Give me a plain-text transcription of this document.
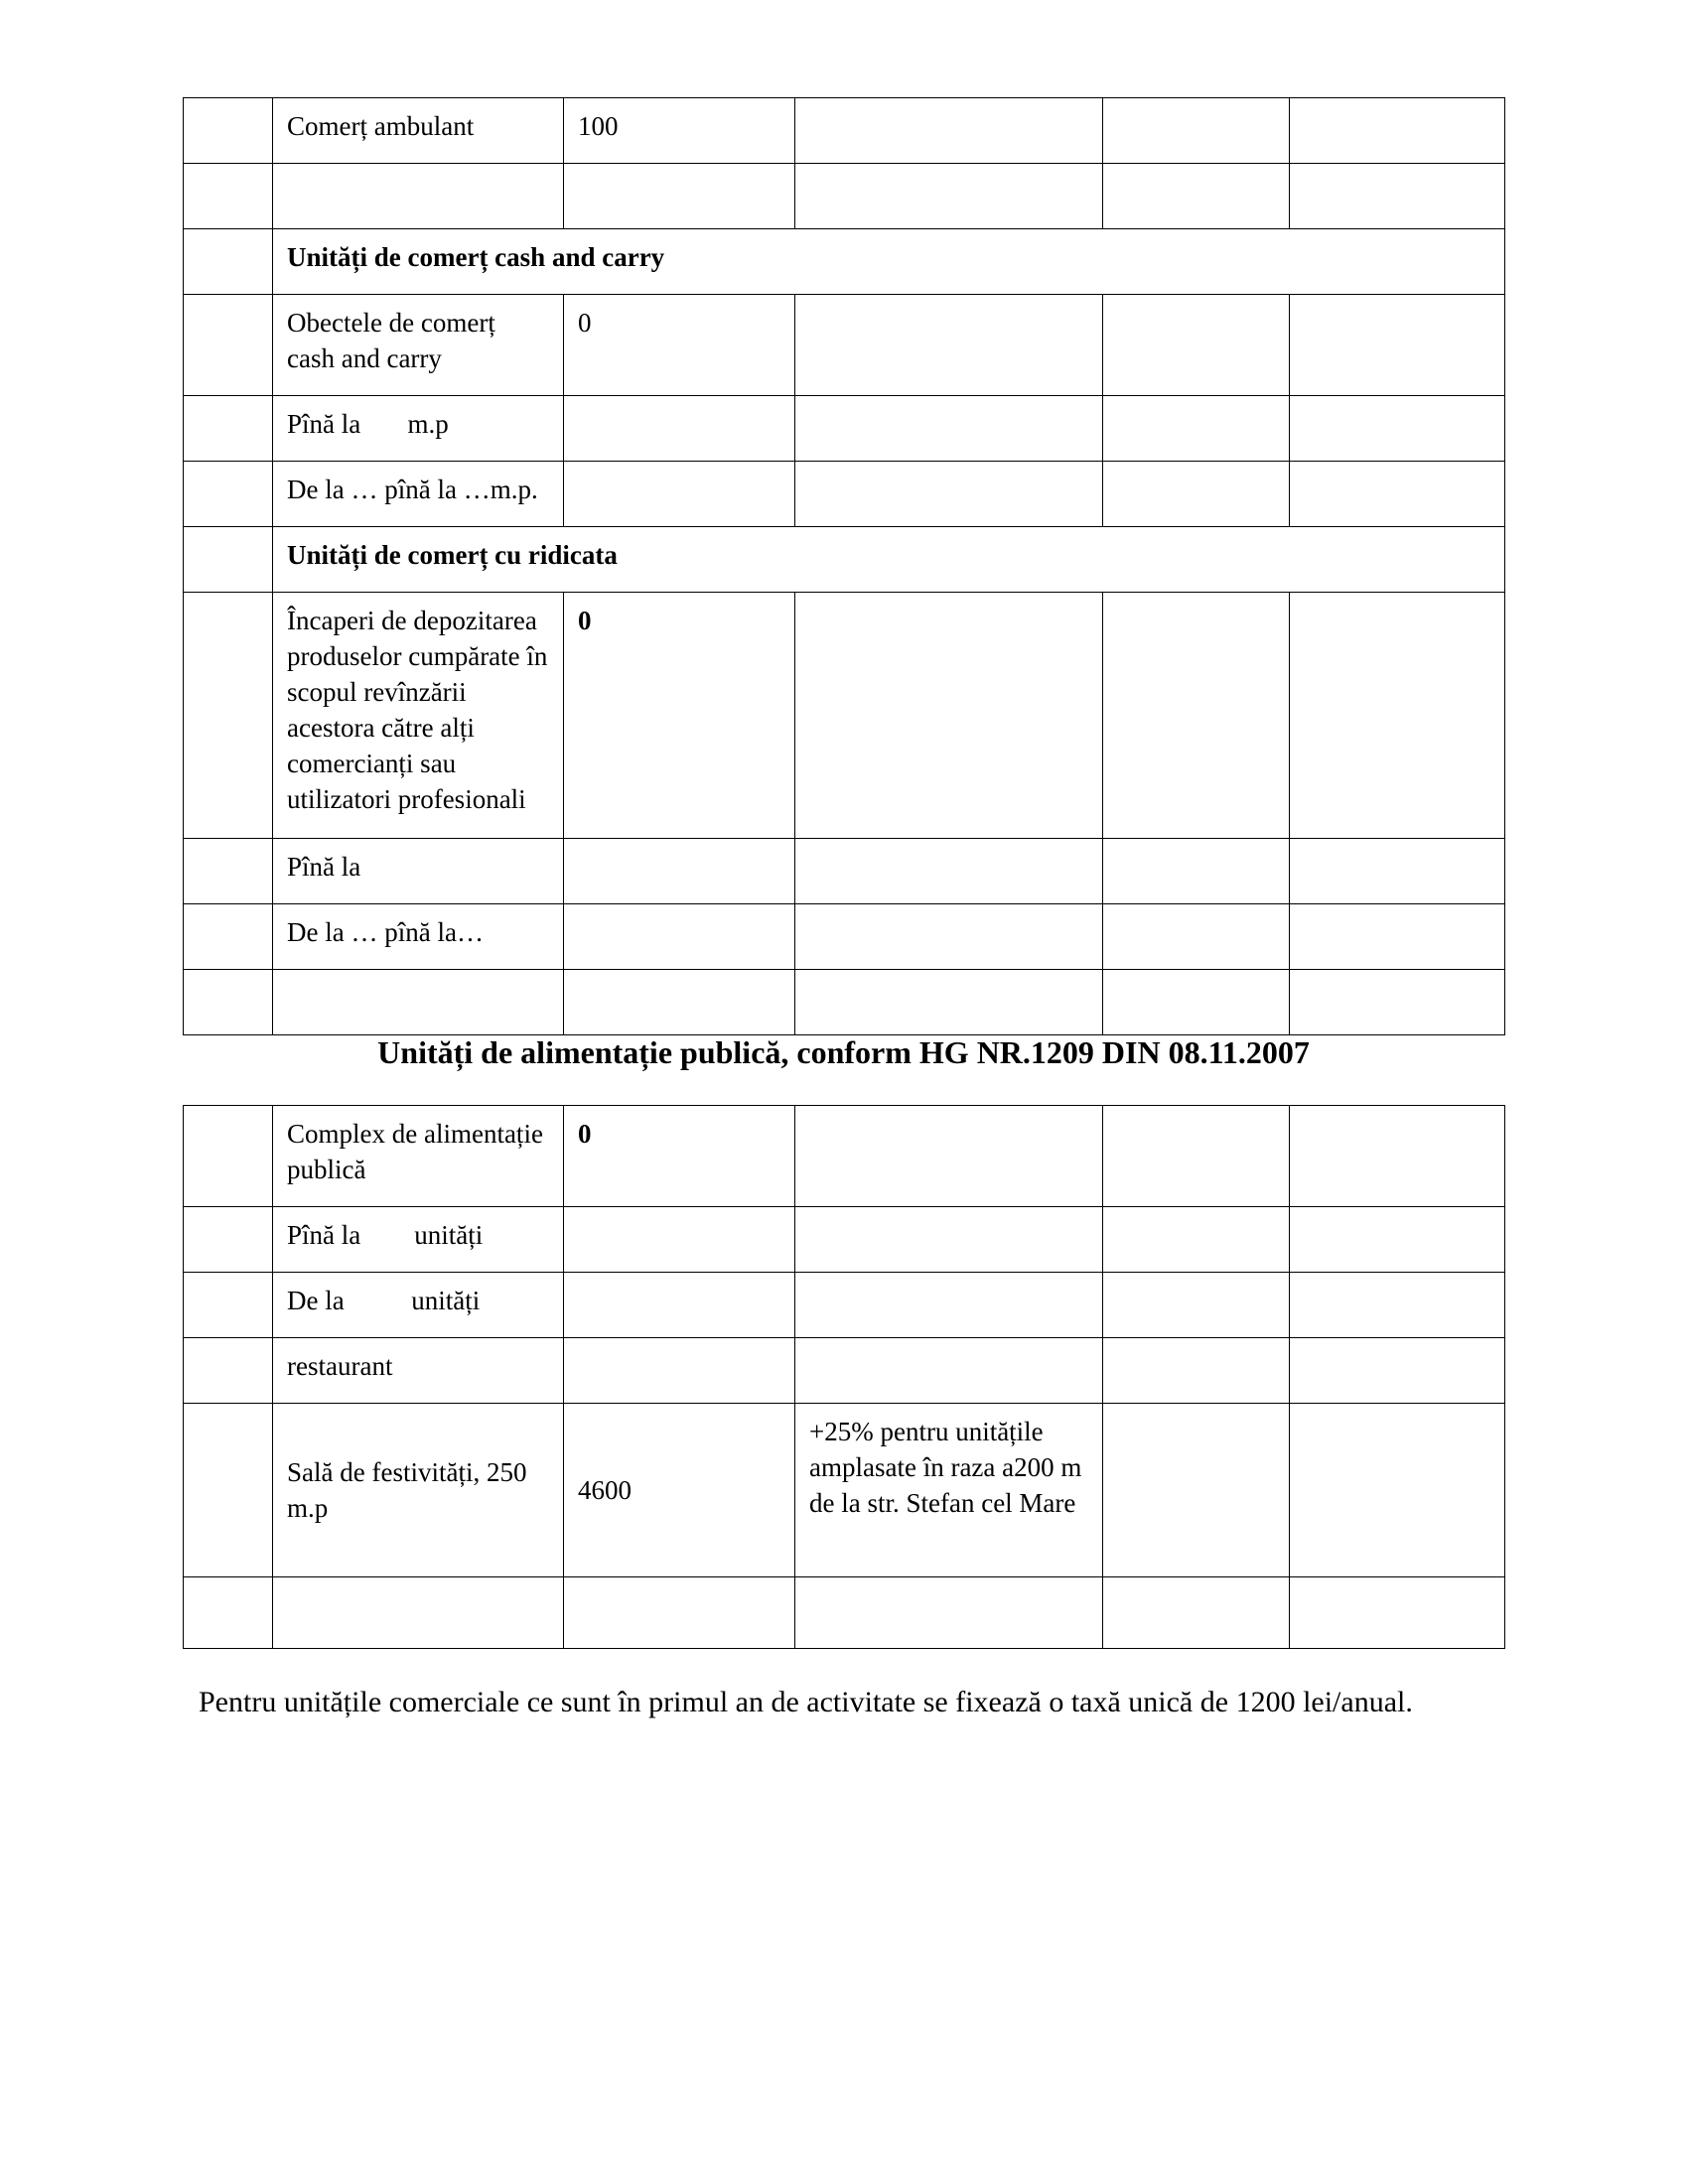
	Comerț ambulant	100			

	Unități de comerț cash and carry				
	Obectele de comerț cash and carry	0			
	Pînă la       m.p				
	De la … pînă la …m.p.				
	Unități de comerț cu ridicata				
	Încaperi de depozitarea produselor cumpărate în scopul revînzării acestora către alți comercianți sau utilizatori profesionali	0			
	Pînă la				
	De la … pînă la…				

Unități de alimentație publică, conform HG NR.1209 DIN 08.11.2007
	Complex de alimentație publică	0			
	Pînă la        unități				
	De la          unități				
	restaurant				
	Sală de festivități, 250 m.p	4600	+25% pentru unitățile amplasate în raza a200 m de la str. Stefan cel Mare		

Pentru unitățile comerciale ce sunt în primul an de activitate se fixează o taxă unică de 1200 lei/anual.
